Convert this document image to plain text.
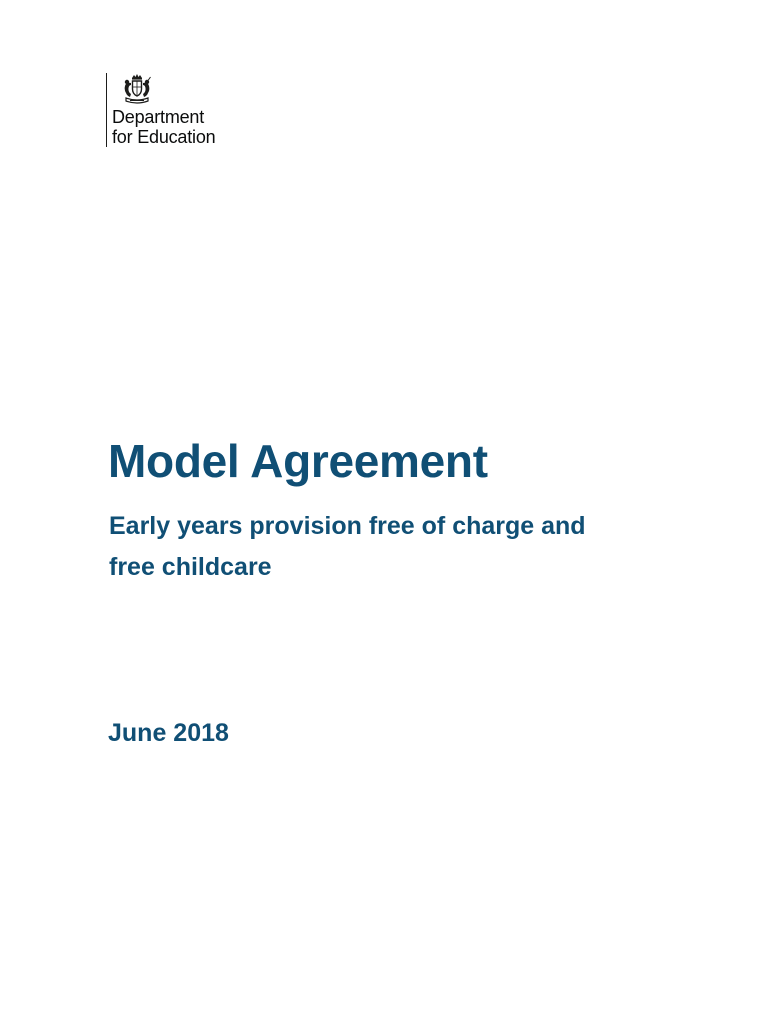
Department
for Education
Model Agreement
Early years provision free of charge and
free childcare
June 2018
